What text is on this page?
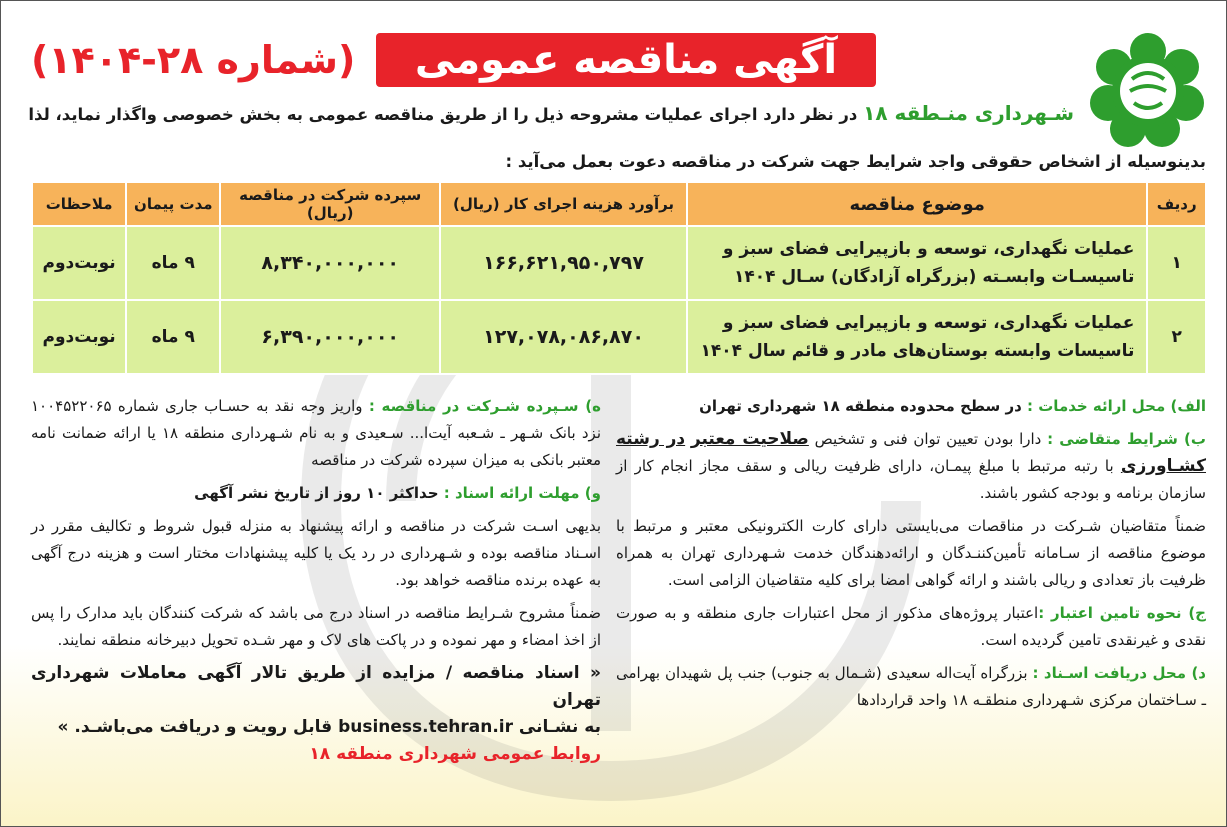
آگهی مناقصه عمومی
(شماره ۲۸-۱۴۰۴)
شـهرداری منـطقه ۱۸ در نظر دارد اجرای عملیات مشروحه ذیل را از طریق مناقصه عمومی به بخش خصوصی واگذار نماید، لذا
بدینوسیله از اشخاص حقوقی واجد شرایط جهت شرکت در مناقصه دعوت بعمل می‌آید :
ردیف	موضوع مناقصه	برآورد هزینه اجرای کار (ریال)	سپرده شرکت در مناقصه (ریال)	مدت پیمان	ملاحظات
۱	عملیات نگهداری، توسعه و بازپیرایی فضای سبز و
تاسیسـات وابسـته (بزرگراه آزادگان) سـال ۱۴۰۴	۱۶۶,۶۲۱,۹۵۰,۷۹۷	۸,۳۴۰,۰۰۰,۰۰۰	۹ ماه	نوبت‌دوم
۲	عملیات نگهداری، توسعه و بازپیرایی فضای سبز و
تاسیسات وابسته بوستان‌های مادر و قائم سال ۱۴۰۴	۱۲۷,۰۷۸,۰۸۶,۸۷۰	۶,۳۹۰,۰۰۰,۰۰۰	۹ ماه	نوبت‌دوم
الف) محل ارائه خدمات : در سطح محدوده منطقه ۱۸ شهرداری تهران
ب) شرایط متقاضی : دارا بودن تعیین توان فنی و تشخیص صلاحیت معتبر در رشته کشـاورزی با رتبه مرتبط با مبلغ پیمـان، دارای ظرفیت ریالی و سقف مجاز انجام کار از سازمان برنامه و بودجه کشور باشند.
ضمناً متقاضیان شـرکت در مناقصات می‌بایستی دارای کارت الکترونیکی معتبر و مرتبط با موضوع مناقصه از سـامانه تأمین‌کننـدگان و ارائه‌دهندگان خدمت شـهرداری تهران به همراه ظرفیت باز تعدادی و ریالی باشند و ارائه گواهی امضا برای کلیه متقاضیان الزامی است.
ج) نحوه تامین اعتبار :اعتبار پروژه‌های مذکور از محل اعتبارات جاری منطقه و به صورت نقدی و غیرنقدی تامین گردیده است.
د) محل دریافت اسـناد : بزرگراه آیت‌اله سعیدی (شـمال به جنوب) جنب پل شهیدان بهرامی ـ سـاختمان مرکزی شـهرداری منطقـه ۱۸ واحد قراردادها
ه) سـپرده شـرکت در مناقصه : واریز وجه نقد به حسـاب جاری شماره ۱۰۰۴۵۲۲۰۶۵ نزد بانک شـهر ـ شـعبه آیت‌ا... سـعیدی و به نام شـهرداری منطقه ۱۸ یا ارائه ضمانت نامه معتبر بانکی به میزان سپرده شرکت در مناقصه
و) مهلت ارائه اسناد : حداکثر ۱۰ روز از تاریخ نشر آگهی
بدیهی اسـت شرکت در مناقصه و ارائه پیشنهاد به منزله قبول شروط و تکالیف مقرر در اسـناد مناقصه بوده و شـهرداری در رد یک یا کلیه پیشنهادات مختار است و هزینه درج آگهی به عهده برنده مناقصه خواهد بود.
ضمناً مشروح شـرایط مناقصه در اسناد درج می باشد که شرکت کنندگان باید مدارک را پس از اخذ امضاء و مهر نموده و در پاکت های لاک و مهر شـده تحویل دبیرخانه منطقه نمایند.
« اسناد مناقصه / مزایده از طریق تالار آگهی معاملات شهرداری تهران
به نشـانی business.tehran.ir قابل رویت و دریافت می‌باشـد. »
روابط عمومی شهرداری منطقه ۱۸
